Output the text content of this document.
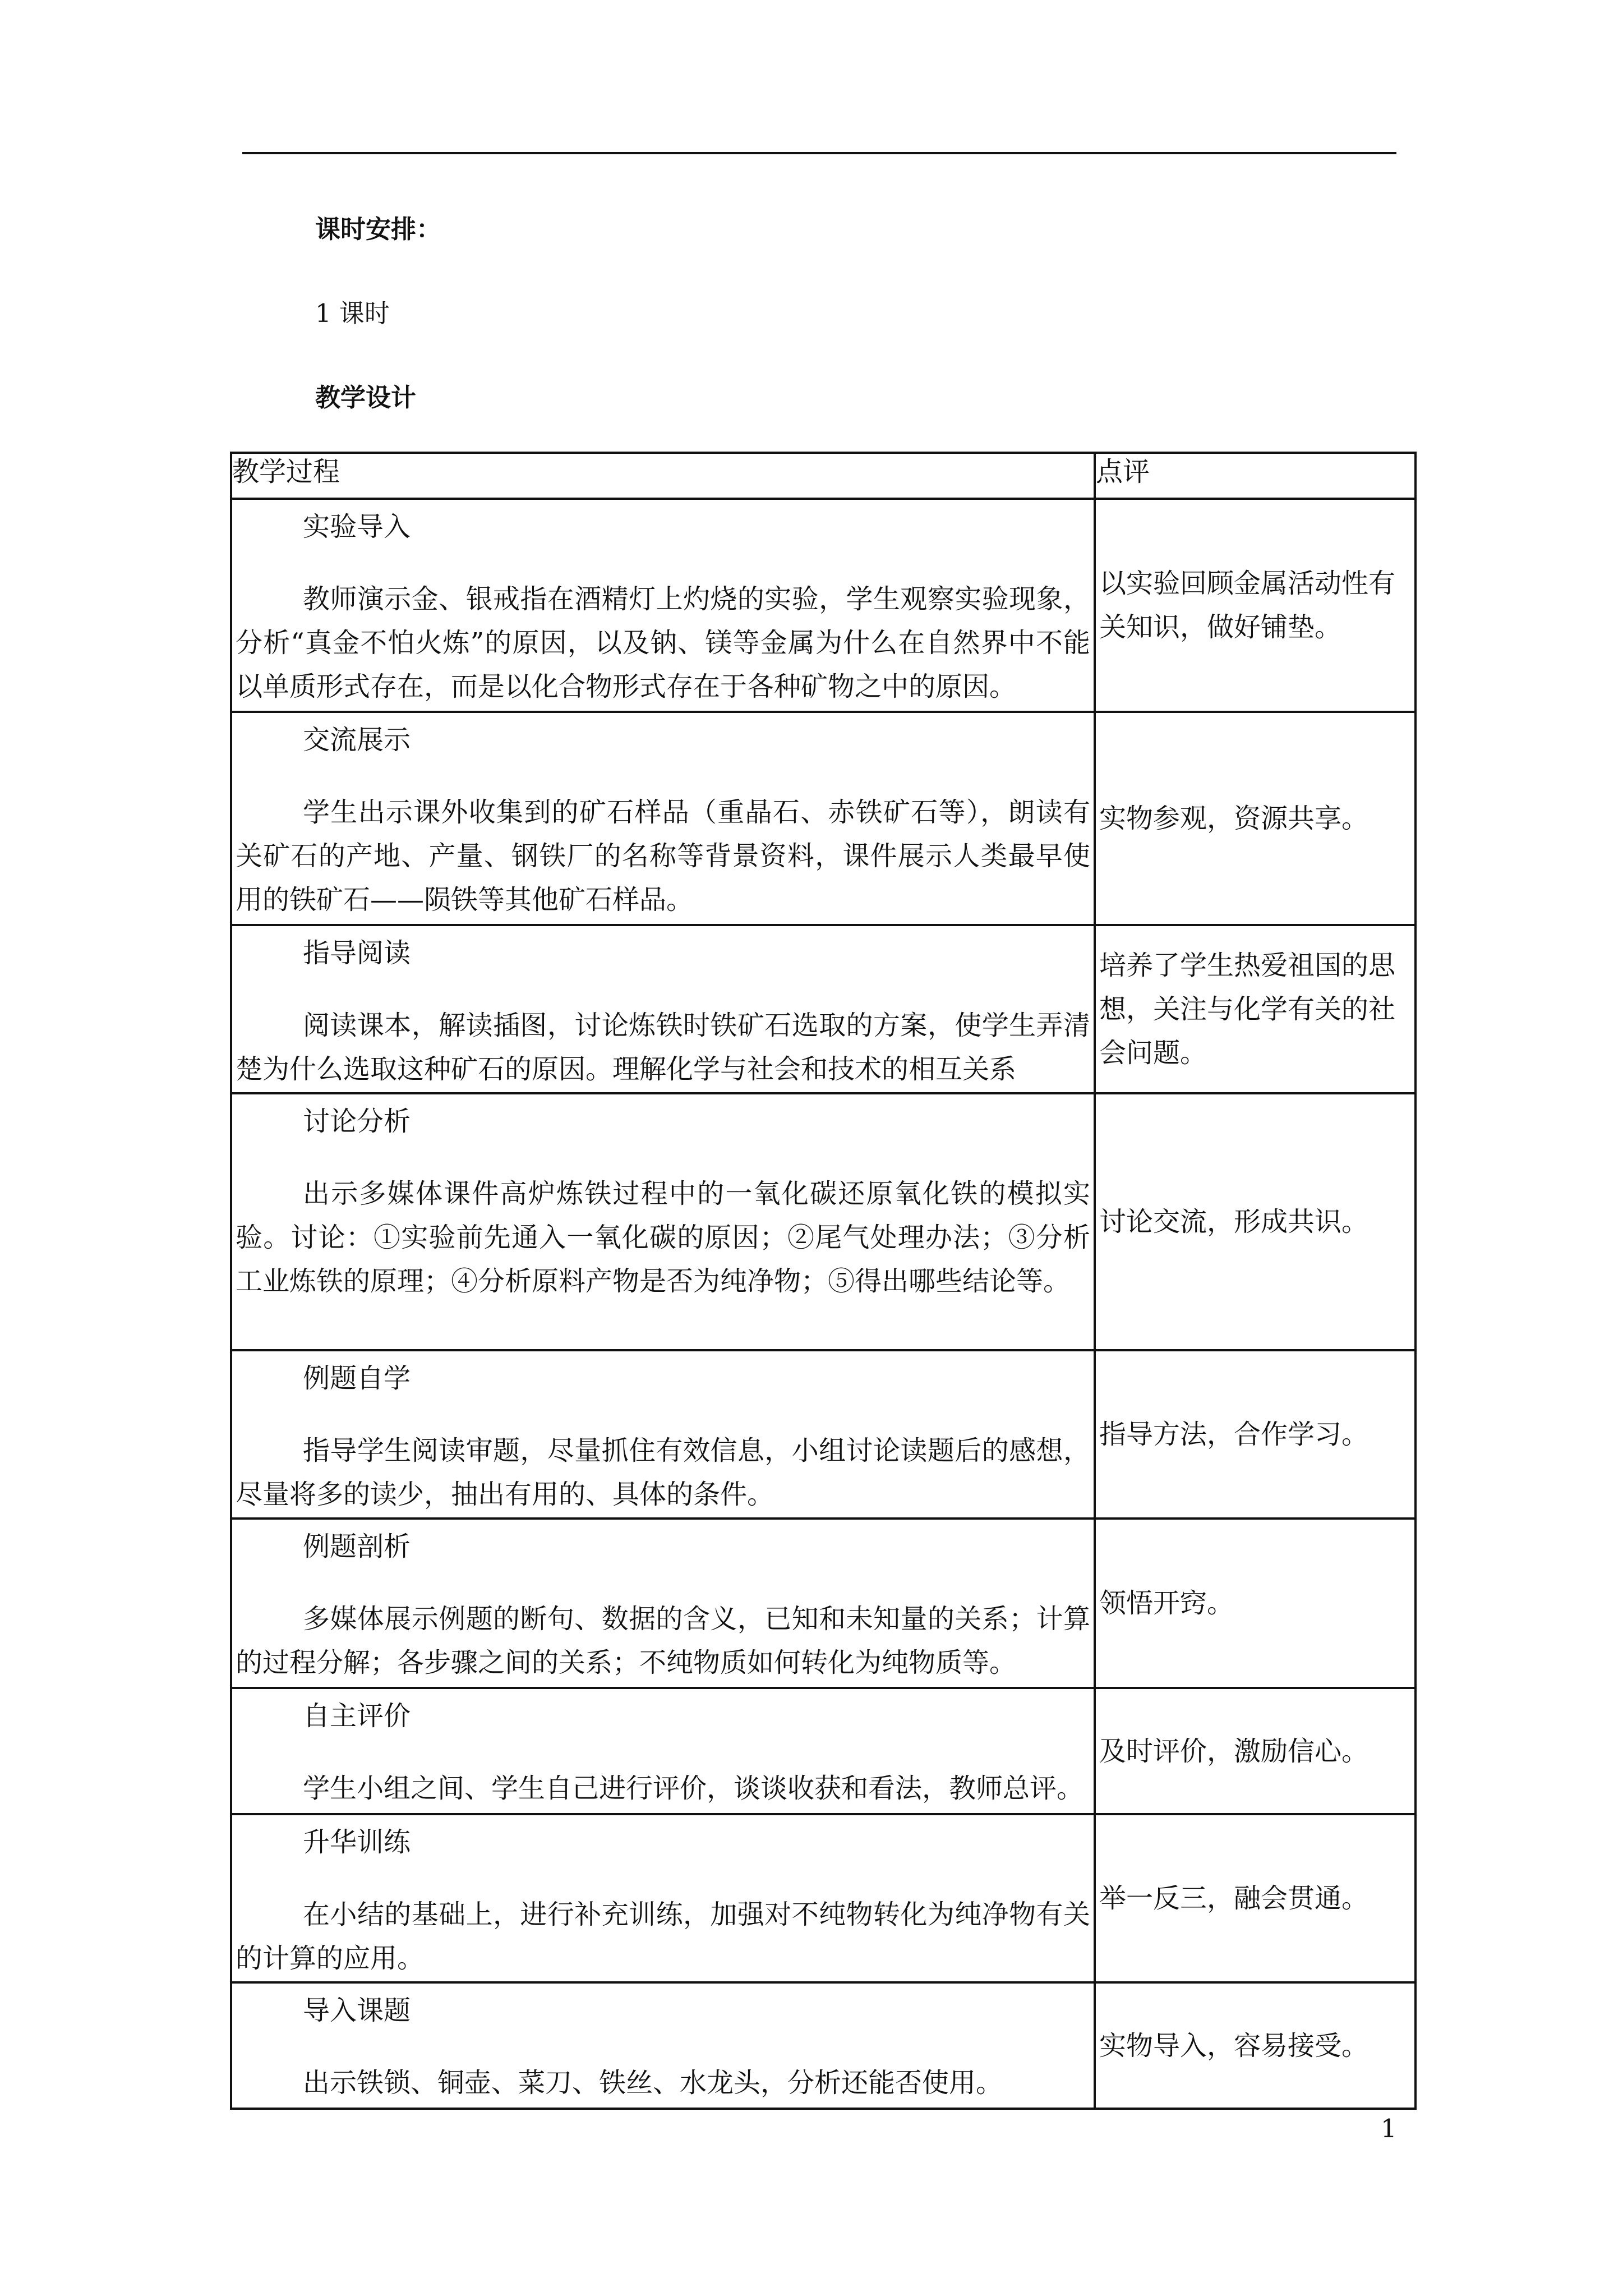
课时安排：
1 课时
教学设计
教学过程	点评

实验导入
教师演示金、银戒指在酒精灯上灼烧的实验，学生观察实验现象，分析“真金不怕火炼”的原因，以及钠、镁等金属为什么在自然界中不能以单质形式存在，而是以化合物形式存在于各种矿物之中的原因。	以实验回顾金属活动性有关知识，做好铺垫。

交流展示
学生出示课外收集到的矿石样品（重晶石、赤铁矿石等），朗读有关矿石的产地、产量、钢铁厂的名称等背景资料，课件展示人类最早使用的铁矿石——陨铁等其他矿石样品。	实物参观，资源共享。

指导阅读
阅读课本，解读插图，讨论炼铁时铁矿石选取的方案，使学生弄清楚为什么选取这种矿石的原因。理解化学与社会和技术的相互关系	培养了学生热爱祖国的思想，关注与化学有关的社会问题。

讨论分析
出示多媒体课件高炉炼铁过程中的一氧化碳还原氧化铁的模拟实验。讨论：①实验前先通入一氧化碳的原因；②尾气处理办法；③分析工业炼铁的原理；④分析原料产物是否为纯净物；⑤得出哪些结论等。	讨论交流，形成共识。

例题自学
指导学生阅读审题，尽量抓住有效信息，小组讨论读题后的感想，尽量将多的读少，抽出有用的、具体的条件。	指导方法，合作学习。

例题剖析
多媒体展示例题的断句、数据的含义，已知和未知量的关系；计算的过程分解；各步骤之间的关系；不纯物质如何转化为纯物质等。	领悟开窍。

自主评价
学生小组之间、学生自己进行评价，谈谈收获和看法，教师总评。	及时评价，激励信心。

升华训练
在小结的基础上，进行补充训练，加强对不纯物转化为纯净物有关的计算的应用。	举一反三，融会贯通。

导入课题
出示铁锁、铜壶、菜刀、铁丝、水龙头，分析还能否使用。	实物导入，容易接受。
1
